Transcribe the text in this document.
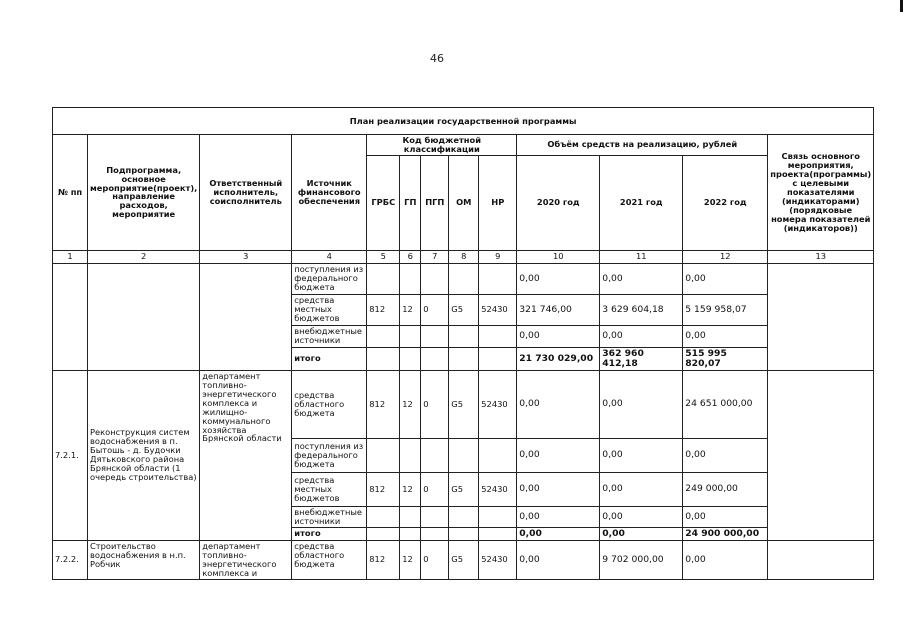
46
План реализации государственной программы												
№ пп	Подпрограмма, основное мероприятие(проект), направление расходов, мероприятие	Ответственный исполнитель, соисполнитель	Источник финансового обеспечения	Код бюджетной классификации					Объём средств на реализацию, рублей			Связь основного мероприятия, проекта(программы) с целевыми показателями (индикаторами) (порядковые номера показателей (индикаторов))
				ГРБС	ГП	ПГП	ОМ	НР	2020 год	2021 год	2022 год	
1	2	3	4	5	6	7	8	9	10	11	12	13
			поступления из федерального бюджета						0,00	0,00	0,00	
			средства местных бюджетов	812	12	0	G5	52430	321 746,00	3 629 604,18	5 159 958,07	
			внебюджетные источники						0,00	0,00	0,00	
			итого						21 730 029,00	362 960 412,18	515 995 820,07	
7.2.1.	Реконструкция систем водоснабжения в п. Бытошь - д. Будочки Дятьковского района Брянской области (1 очередь строительства)	департамент топливно-энергетического комплекса и жилищно-коммунального хозяйства Брянской области	средства областного бюджета	812	12	0	G5	52430	0,00	0,00	24 651 000,00	
			поступления из федерального бюджета						0,00	0,00	0,00	
			средства местных бюджетов	812	12	0	G5	52430	0,00	0,00	249 000,00	
			внебюджетные источники						0,00	0,00	0,00	
			итого						0,00	0,00	24 900 000,00	
7.2.2.	Строительство водоснабжения в н.п. Робчик	департамент топливно-энергетического комплекса и	средства областного бюджета	812	12	0	G5	52430	0,00	9 702 000,00	0,00	
